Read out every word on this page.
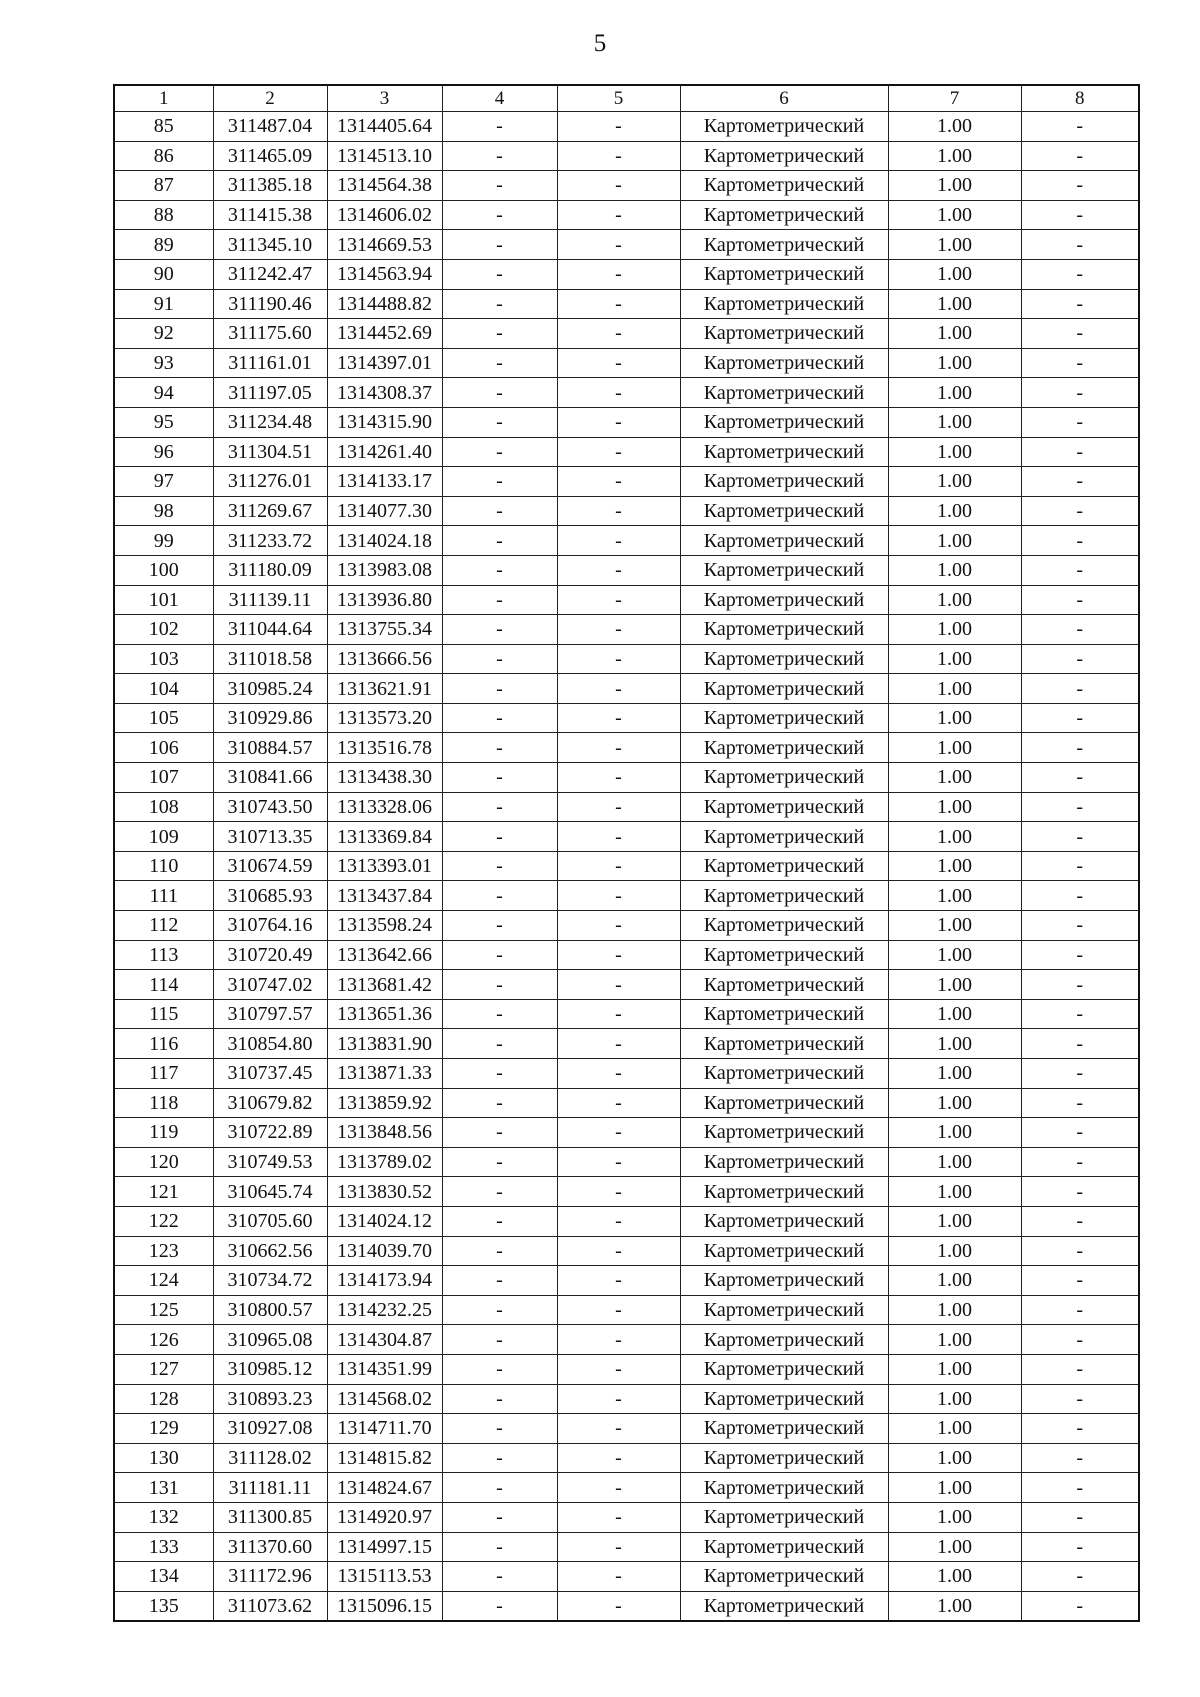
5
1	2	3	4	5	6	7	8
85	311487.04	1314405.64	-	-	Картометрический	1.00	-
86	311465.09	1314513.10	-	-	Картометрический	1.00	-
87	311385.18	1314564.38	-	-	Картометрический	1.00	-
88	311415.38	1314606.02	-	-	Картометрический	1.00	-
89	311345.10	1314669.53	-	-	Картометрический	1.00	-
90	311242.47	1314563.94	-	-	Картометрический	1.00	-
91	311190.46	1314488.82	-	-	Картометрический	1.00	-
92	311175.60	1314452.69	-	-	Картометрический	1.00	-
93	311161.01	1314397.01	-	-	Картометрический	1.00	-
94	311197.05	1314308.37	-	-	Картометрический	1.00	-
95	311234.48	1314315.90	-	-	Картометрический	1.00	-
96	311304.51	1314261.40	-	-	Картометрический	1.00	-
97	311276.01	1314133.17	-	-	Картометрический	1.00	-
98	311269.67	1314077.30	-	-	Картометрический	1.00	-
99	311233.72	1314024.18	-	-	Картометрический	1.00	-
100	311180.09	1313983.08	-	-	Картометрический	1.00	-
101	311139.11	1313936.80	-	-	Картометрический	1.00	-
102	311044.64	1313755.34	-	-	Картометрический	1.00	-
103	311018.58	1313666.56	-	-	Картометрический	1.00	-
104	310985.24	1313621.91	-	-	Картометрический	1.00	-
105	310929.86	1313573.20	-	-	Картометрический	1.00	-
106	310884.57	1313516.78	-	-	Картометрический	1.00	-
107	310841.66	1313438.30	-	-	Картометрический	1.00	-
108	310743.50	1313328.06	-	-	Картометрический	1.00	-
109	310713.35	1313369.84	-	-	Картометрический	1.00	-
110	310674.59	1313393.01	-	-	Картометрический	1.00	-
111	310685.93	1313437.84	-	-	Картометрический	1.00	-
112	310764.16	1313598.24	-	-	Картометрический	1.00	-
113	310720.49	1313642.66	-	-	Картометрический	1.00	-
114	310747.02	1313681.42	-	-	Картометрический	1.00	-
115	310797.57	1313651.36	-	-	Картометрический	1.00	-
116	310854.80	1313831.90	-	-	Картометрический	1.00	-
117	310737.45	1313871.33	-	-	Картометрический	1.00	-
118	310679.82	1313859.92	-	-	Картометрический	1.00	-
119	310722.89	1313848.56	-	-	Картометрический	1.00	-
120	310749.53	1313789.02	-	-	Картометрический	1.00	-
121	310645.74	1313830.52	-	-	Картометрический	1.00	-
122	310705.60	1314024.12	-	-	Картометрический	1.00	-
123	310662.56	1314039.70	-	-	Картометрический	1.00	-
124	310734.72	1314173.94	-	-	Картометрический	1.00	-
125	310800.57	1314232.25	-	-	Картометрический	1.00	-
126	310965.08	1314304.87	-	-	Картометрический	1.00	-
127	310985.12	1314351.99	-	-	Картометрический	1.00	-
128	310893.23	1314568.02	-	-	Картометрический	1.00	-
129	310927.08	1314711.70	-	-	Картометрический	1.00	-
130	311128.02	1314815.82	-	-	Картометрический	1.00	-
131	311181.11	1314824.67	-	-	Картометрический	1.00	-
132	311300.85	1314920.97	-	-	Картометрический	1.00	-
133	311370.60	1314997.15	-	-	Картометрический	1.00	-
134	311172.96	1315113.53	-	-	Картометрический	1.00	-
135	311073.62	1315096.15	-	-	Картометрический	1.00	-
